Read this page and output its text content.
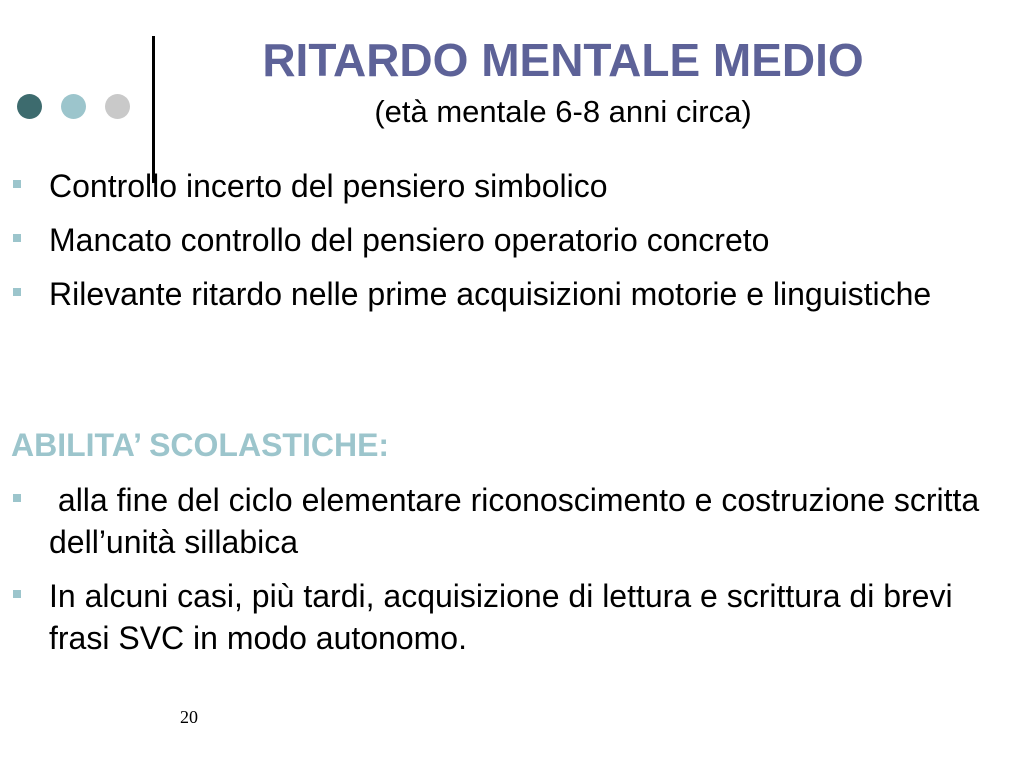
RITARDO MENTALE MEDIO
(età mentale 6-8 anni circa)
Controllo incerto del pensiero simbolico
Mancato controllo del pensiero operatorio concreto
Rilevante ritardo nelle prime acquisizioni motorie e linguistiche
ABILITA’ SCOLASTICHE:
alla fine del ciclo elementare riconoscimento e costruzione scritta dell’unità sillabica
In alcuni casi, più tardi, acquisizione di lettura e scrittura di brevi frasi SVC in modo autonomo.
20
